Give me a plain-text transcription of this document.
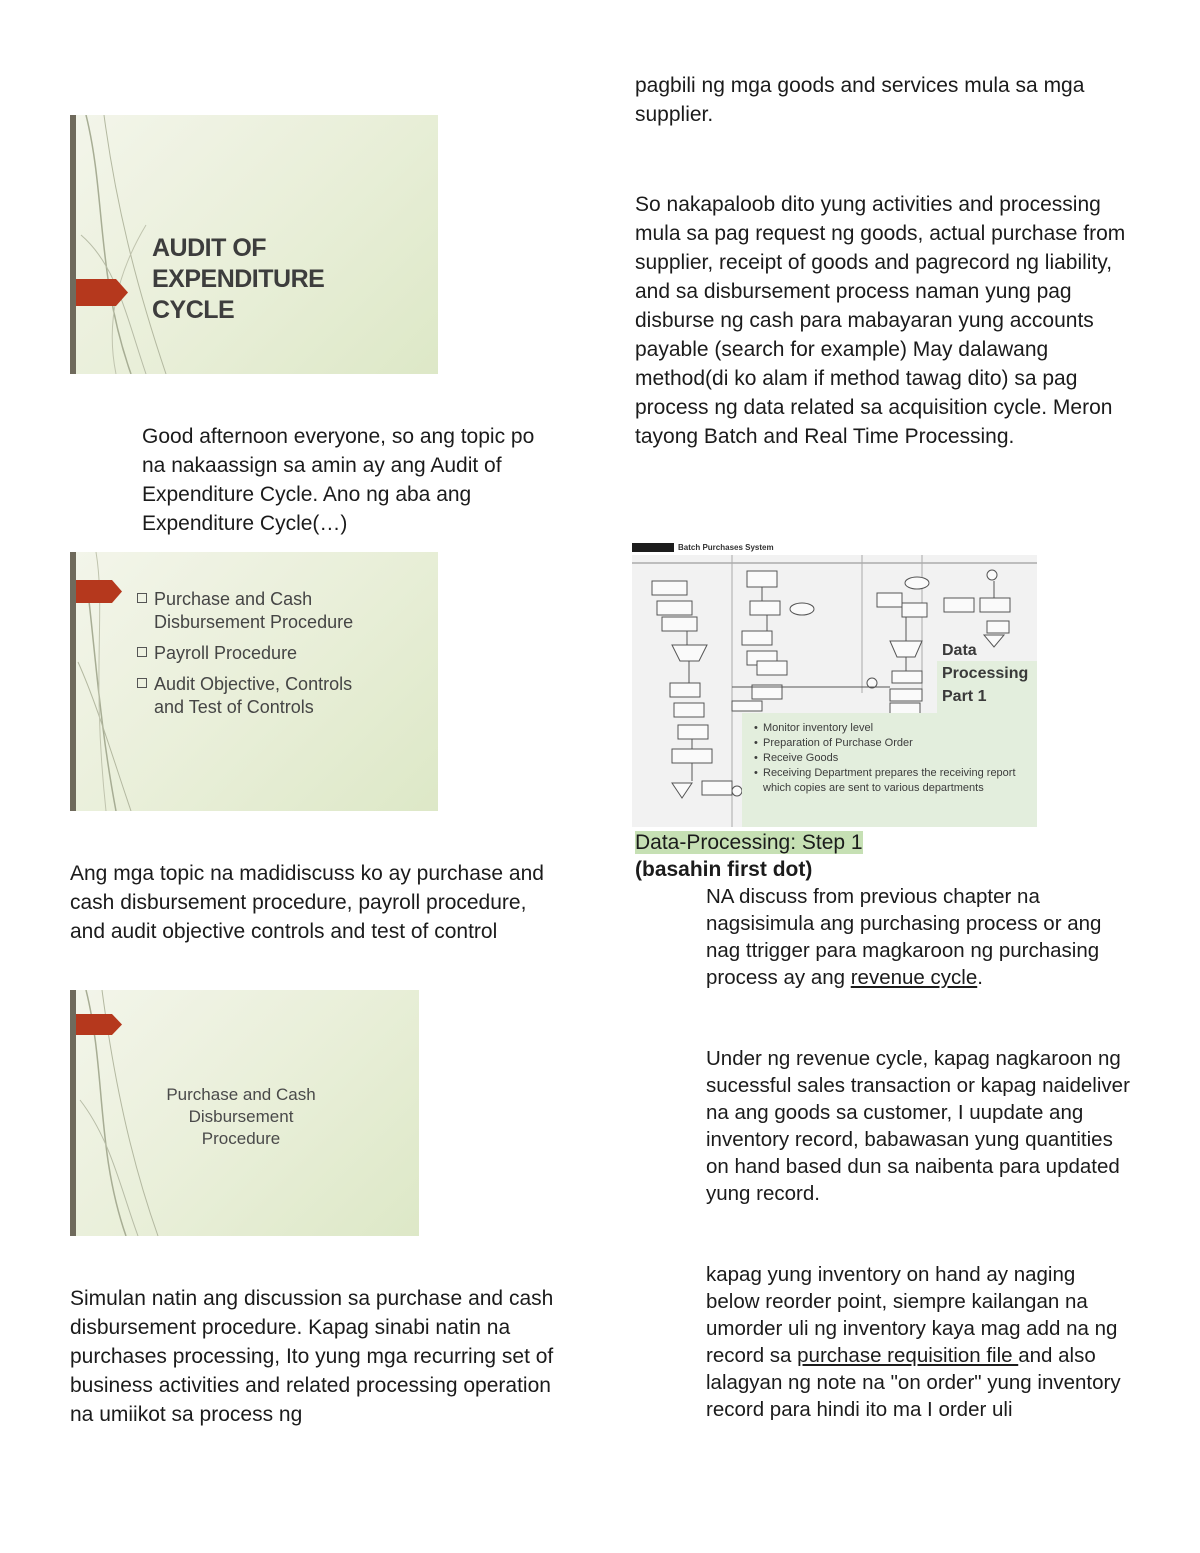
AUDIT OF EXPENDITURE CYCLE
Good afternoon everyone, so ang topic po na nakaassign sa amin ay ang Audit of Expenditure Cycle. Ano ng aba ang Expenditure Cycle(…)
Purchase and Cash Disbursement Procedure
Payroll Procedure
Audit Objective, Controls and Test of Controls
Ang mga topic na madidiscuss ko ay purchase and cash disbursement procedure, payroll procedure, and audit objective controls and test of control
Purchase and Cash Disbursement Procedure
Simulan natin ang discussion sa purchase and cash disbursement procedure. Kapag sinabi natin na purchases processing, Ito yung mga recurring set of business activities and related processing operation na umiikot sa process ng
pagbili ng mga goods and services mula sa mga supplier.
So nakapaloob dito yung activities and processing mula sa pag request ng goods, actual purchase from supplier, receipt of goods and pagrecord ng liability, and sa disbursement process naman yung pag disburse ng cash para mabayaran yung accounts payable (search for example) May dalawang method(di ko alam if method tawag dito) sa pag process ng data related sa acquisition cycle. Meron tayong Batch and Real Time Processing.
Batch Purchases System
Data Processing Part 1
• Monitor inventory level
• Preparation of Purchase Order
• Receive Goods
• Receiving Department prepares the receiving report which copies are sent to various departments
Data-Processing: Step 1
(basahin first dot)
NA discuss from previous chapter na nagsisimula ang purchasing process or ang nag ttrigger para magkaroon ng purchasing process ay ang revenue cycle.
Under ng revenue cycle, kapag nagkaroon ng sucessful sales transaction or kapag naideliver na ang goods sa customer, I uupdate ang inventory record, babawasan yung quantities on hand based dun sa naibenta para updated yung record.
kapag yung inventory on hand ay naging below reorder point, siempre kailangan na umorder uli ng inventory kaya mag add na ng record sa purchase requisition file and also lalagyan ng note na "on order" yung inventory record para hindi ito ma I order uli
